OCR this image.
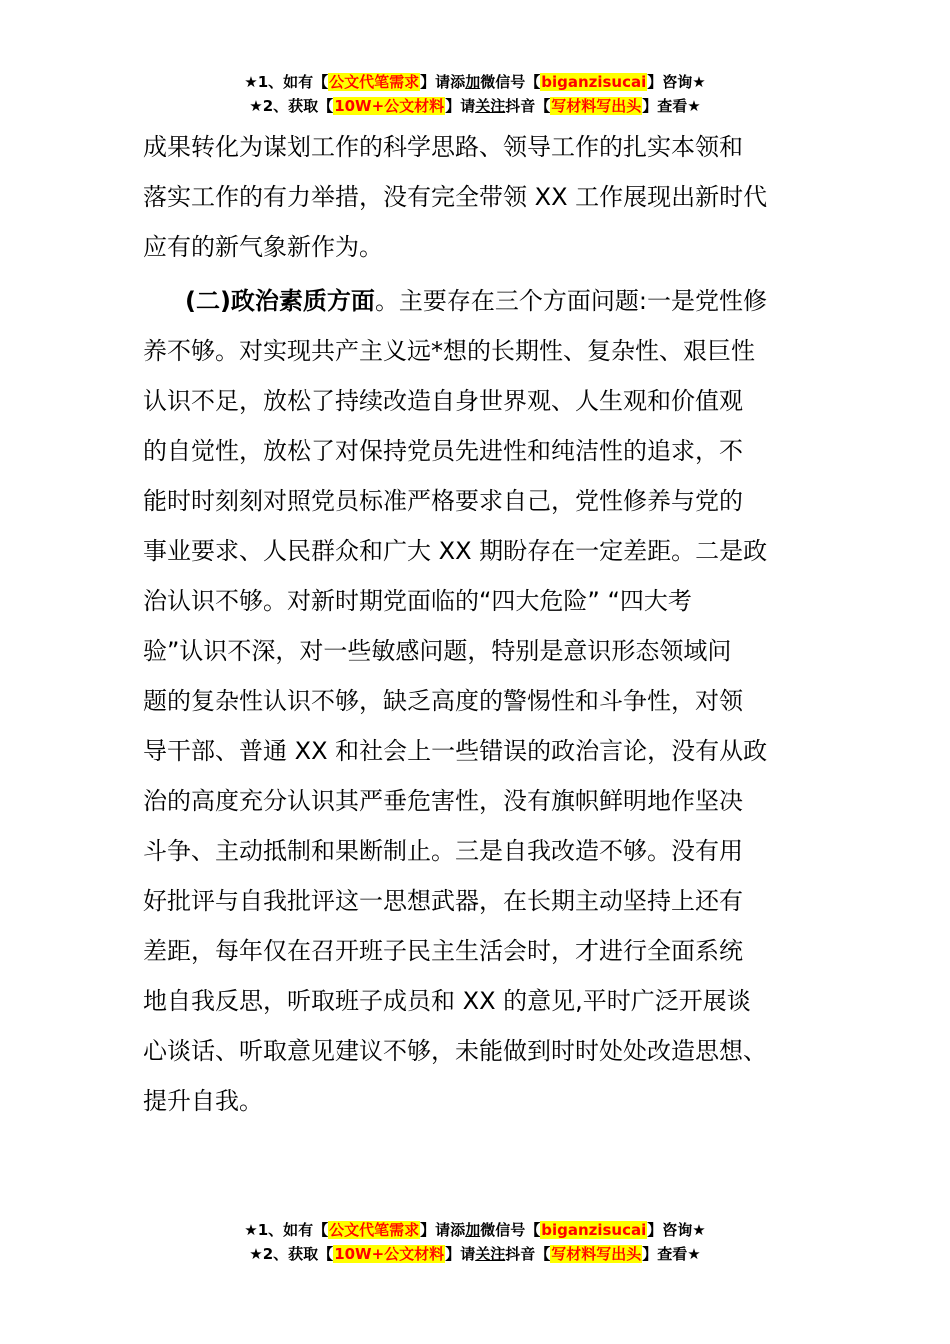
★1、如有【公文代笔需求】请添加微信号【biganzisucai】咨询★
★2、获取【10W+公文材料】请关注抖音【写材料写出头】查看★
成果转化为谋划工作的科学思路、领导工作的扎实本领和
落实工作的有力举措，没有完全带领 XX 工作展现出新时代
应有的新气象新作为。
(二)政治素质方面。主要存在三个方面问题:一是党性修
养不够。对实现共产主义远*想的长期性、复杂性、艰巨性
认识不足，放松了持续改造自身世界观、人生观和价值观
的自觉性，放松了对保持党员先进性和纯洁性的追求，不
能时时刻刻对照党员标准严格要求自己，党性修养与党的
事业要求、人民群众和广大 XX 期盼存在一定差距。二是政
治认识不够。对新时期党面临的“四大危险” “四大考
验”认识不深，对一些敏感问题，特别是意识形态领域问
题的复杂性认识不够，缺乏高度的警惕性和斗争性，对领
导干部、普通 XX 和社会上一些错误的政治言论，没有从政
治的高度充分认识其严垂危害性，没有旗帜鲜明地作坚决
斗争、主动抵制和果断制止。三是自我改造不够。没有用
好批评与自我批评这一思想武器，在长期主动坚持上还有
差距，每年仅在召开班子民主生活会时，才进行全面系统
地自我反思，听取班子成员和 XX 的意见,平时广泛开展谈
心谈话、听取意见建议不够，未能做到时时处处改造思想、
提升自我。
★1、如有【公文代笔需求】请添加微信号【biganzisucai】咨询★
★2、获取【10W+公文材料】请关注抖音【写材料写出头】查看★
